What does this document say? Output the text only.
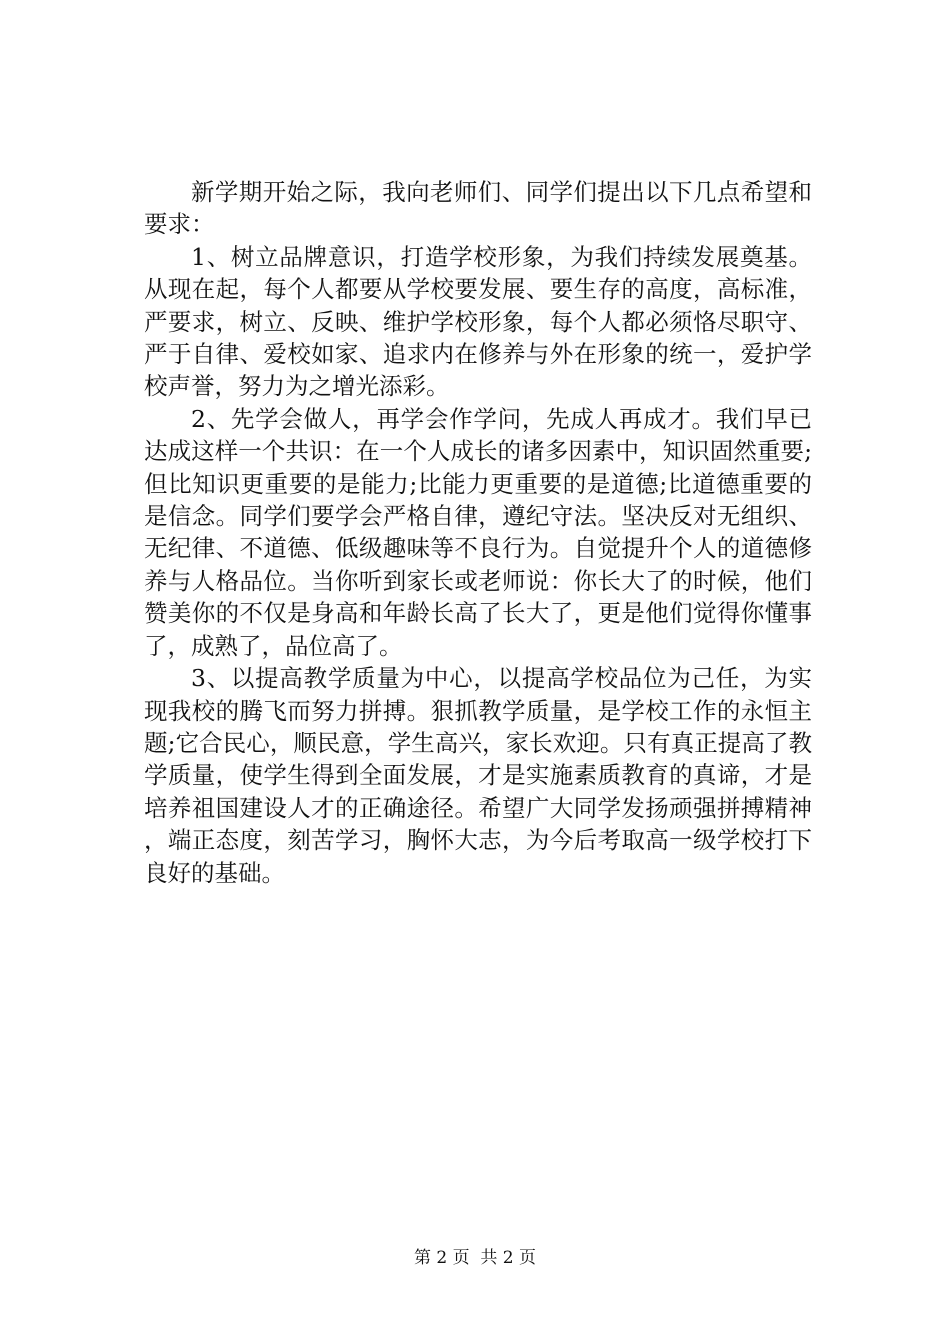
新学期开始之际，我向老师们、同学们提出以下几点希望和要求：

1、树立品牌意识，打造学校形象，为我们持续发展奠基。从现在起，每个人都要从学校要发展、要生存的高度，高标准，严要求，树立、反映、维护学校形象，每个人都必须恪尽职守、严于自律、爱校如家、追求内在修养与外在形象的统一，爱护学校声誉，努力为之增光添彩。

2、先学会做人，再学会作学问，先成人再成才。我们早已达成这样一个共识：在一个人成长的诸多因素中，知识固然重要;但比知识更重要的是能力;比能力更重要的是道德;比道德重要的是信念。同学们要学会严格自律，遵纪守法。坚决反对无组织、无纪律、不道德、低级趣味等不良行为。自觉提升个人的道德修养与人格品位。当你听到家长或老师说：你长大了的时候，他们赞美你的不仅是身高和年龄长高了长大了，更是他们觉得你懂事了，成熟了，品位高了。

3、以提高教学质量为中心，以提高学校品位为己任，为实现我校的腾飞而努力拼搏。狠抓教学质量，是学校工作的永恒主题;它合民心，顺民意，学生高兴，家长欢迎。只有真正提高了教学质量，使学生得到全面发展，才是实施素质教育的真谛，才是培养祖国建设人才的正确途径。希望广大同学发扬顽强拼搏精神，端正态度，刻苦学习，胸怀大志，为今后考取高一级学校打下良好的基础。

第 2 页  共 2 页
